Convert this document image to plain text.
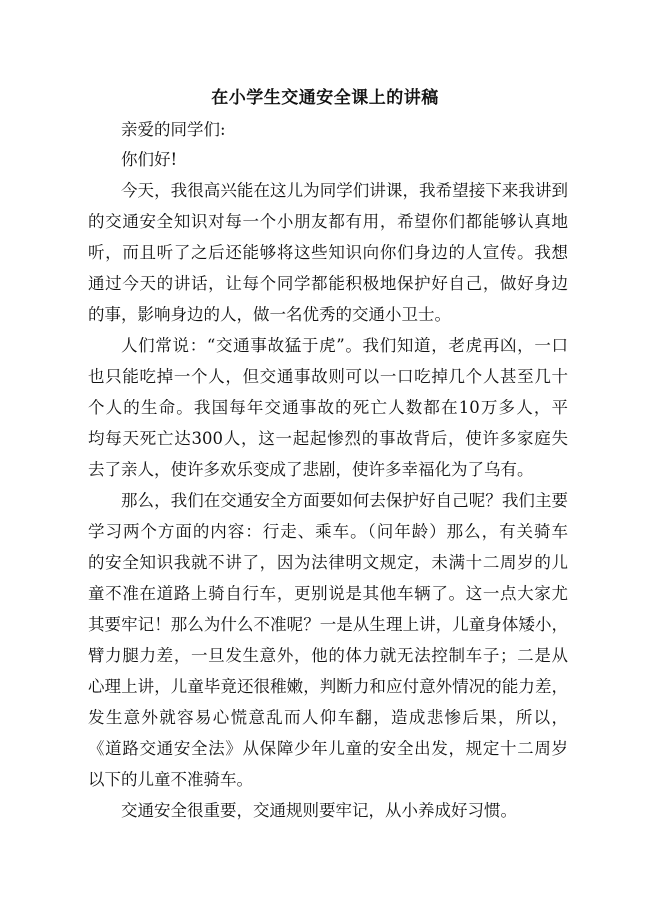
在小学生交通安全课上的讲稿
亲爱的同学们:
你们好!
今天，我很高兴能在这儿为同学们讲课，我希望接下来我讲到
的交通安全知识对每一个小朋友都有用，希望你们都能够认真地
听，而且听了之后还能够将这些知识向你们身边的人宣传。我想
通过今天的讲话，让每个同学都能积极地保护好自己，做好身边
的事，影响身边的人，做一名优秀的交通小卫士。
人们常说：“交通事故猛于虎”。我们知道，老虎再凶，一口
也只能吃掉一个人，但交通事故则可以一口吃掉几个人甚至几十
个人的生命。我国每年交通事故的死亡人数都在10万多人，平
均每天死亡达300人，这一起起惨烈的事故背后，使许多家庭失
去了亲人，使许多欢乐变成了悲剧，使许多幸福化为了乌有。
那么，我们在交通安全方面要如何去保护好自己呢？我们主要
学习两个方面的内容：行走、乘车。（问年龄）那么，有关骑车
的安全知识我就不讲了，因为法律明文规定，未满十二周岁的儿
童不准在道路上骑自行车，更别说是其他车辆了。这一点大家尤
其要牢记！那么为什么不准呢？一是从生理上讲，儿童身体矮小，
臂力腿力差，一旦发生意外，他的体力就无法控制车子；二是从
心理上讲，儿童毕竟还很稚嫩，判断力和应付意外情况的能力差，
发生意外就容易心慌意乱而人仰车翻，造成悲惨后果，所以，
《道路交通安全法》从保障少年儿童的安全出发，规定十二周岁
以下的儿童不准骑车。
交通安全很重要，交通规则要牢记，从小养成好习惯。
